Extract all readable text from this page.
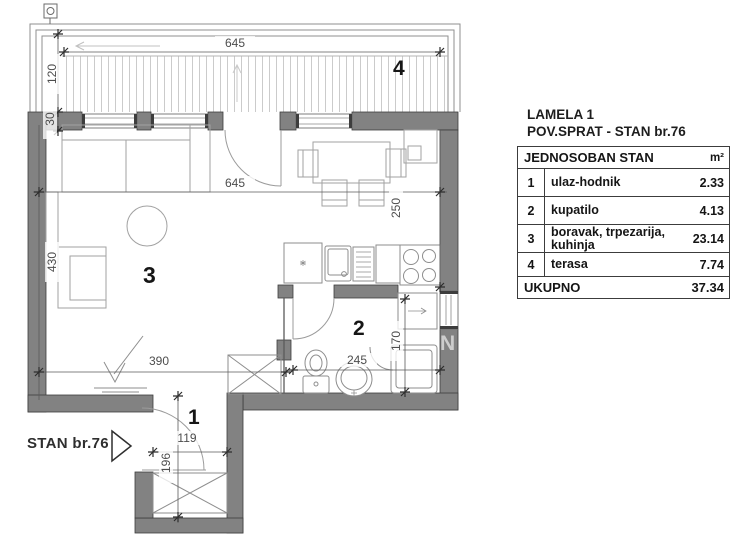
645
120
30
645
430
250
390	245
170
119
196
4
3
2
1
STAN br.76
N
LAMELA 1
POV.SPRAT - STAN br.76
JEDNOSOBAN STAN	m²
1	ulaz-hodnik	2.33
2	kupatilo	4.13
3	boravak, trpezarija, kuhinja	23.14
4	terasa	7.74
UKUPNO	37.34
